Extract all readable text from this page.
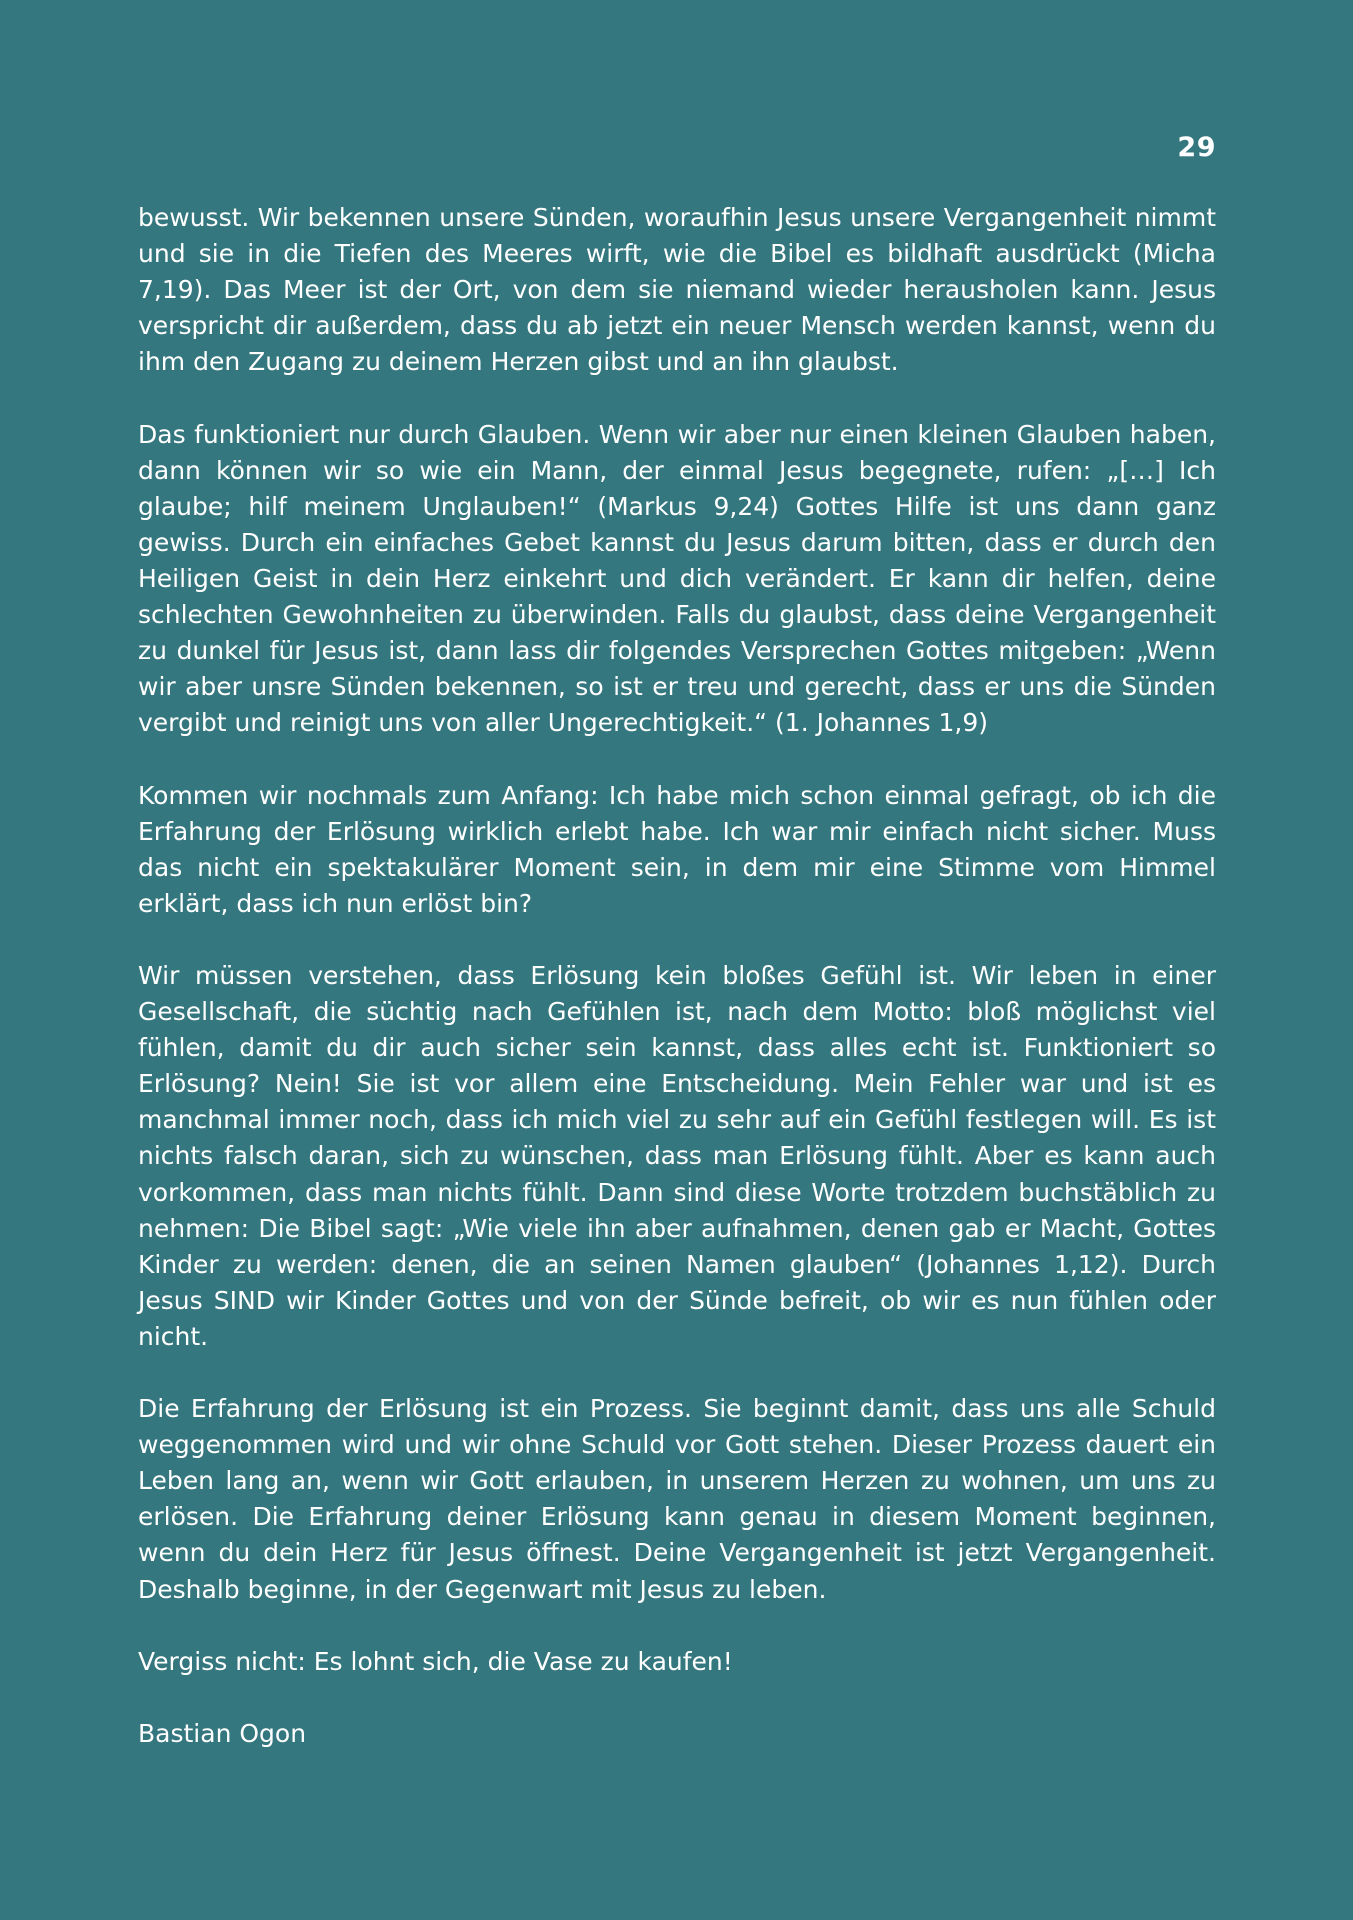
29

bewusst. Wir bekennen unsere Sünden, woraufhin Jesus unsere Vergangenheit nimmt und sie in die Tiefen des Meeres wirft, wie die Bibel es bildhaft ausdrückt (Micha 7,19). Das Meer ist der Ort, von dem sie niemand wieder herausholen kann. Jesus verspricht dir außerdem, dass du ab jetzt ein neuer Mensch werden kannst, wenn du ihm den Zugang zu deinem Herzen gibst und an ihn glaubst.

Das funktioniert nur durch Glauben. Wenn wir aber nur einen kleinen Glauben haben, dann können wir so wie ein Mann, der einmal Jesus begegnete, rufen: „[…] Ich glaube; hilf meinem Unglauben!“ (Markus 9,24) Gottes Hilfe ist uns dann ganz gewiss. Durch ein einfaches Gebet kannst du Jesus darum bitten, dass er durch den Heiligen Geist in dein Herz einkehrt und dich verändert. Er kann dir helfen, deine schlechten Gewohnheiten zu überwinden. Falls du glaubst, dass deine Vergangenheit zu dunkel für Jesus ist, dann lass dir folgendes Versprechen Gottes mitgeben: „Wenn wir aber unsre Sünden bekennen, so ist er treu und gerecht, dass er uns die Sünden vergibt und reinigt uns von aller Ungerechtigkeit.“ (1. Johannes 1,9)

Kommen wir nochmals zum Anfang: Ich habe mich schon einmal gefragt, ob ich die Erfahrung der Erlösung wirklich erlebt habe. Ich war mir einfach nicht sicher. Muss das nicht ein spektakulärer Moment sein, in dem mir eine Stimme vom Himmel erklärt, dass ich nun erlöst bin?

Wir müssen verstehen, dass Erlösung kein bloßes Gefühl ist. Wir leben in einer Gesellschaft, die süchtig nach Gefühlen ist, nach dem Motto: bloß möglichst viel fühlen, damit du dir auch sicher sein kannst, dass alles echt ist. Funktioniert so Erlösung? Nein! Sie ist vor allem eine Entscheidung. Mein Fehler war und ist es manchmal immer noch, dass ich mich viel zu sehr auf ein Gefühl festlegen will. Es ist nichts falsch daran, sich zu wünschen, dass man Erlösung fühlt. Aber es kann auch vorkommen, dass man nichts fühlt. Dann sind diese Worte trotzdem buchstäblich zu nehmen: Die Bibel sagt: „Wie viele ihn aber aufnahmen, denen gab er Macht, Gottes Kinder zu werden: denen, die an seinen Namen glauben“ (Johannes 1,12). Durch Jesus SIND wir Kinder Gottes und von der Sünde befreit, ob wir es nun fühlen oder nicht.

Die Erfahrung der Erlösung ist ein Prozess. Sie beginnt damit, dass uns alle Schuld weggenommen wird und wir ohne Schuld vor Gott stehen. Dieser Prozess dauert ein Leben lang an, wenn wir Gott erlauben, in unserem Herzen zu wohnen, um uns zu erlösen. Die Erfahrung deiner Erlösung kann genau in diesem Moment beginnen, wenn du dein Herz für Jesus öffnest. Deine Vergangenheit ist jetzt Vergangenheit. Deshalb beginne, in der Gegenwart mit Jesus zu leben.

Vergiss nicht: Es lohnt sich, die Vase zu kaufen!

Bastian Ogon
